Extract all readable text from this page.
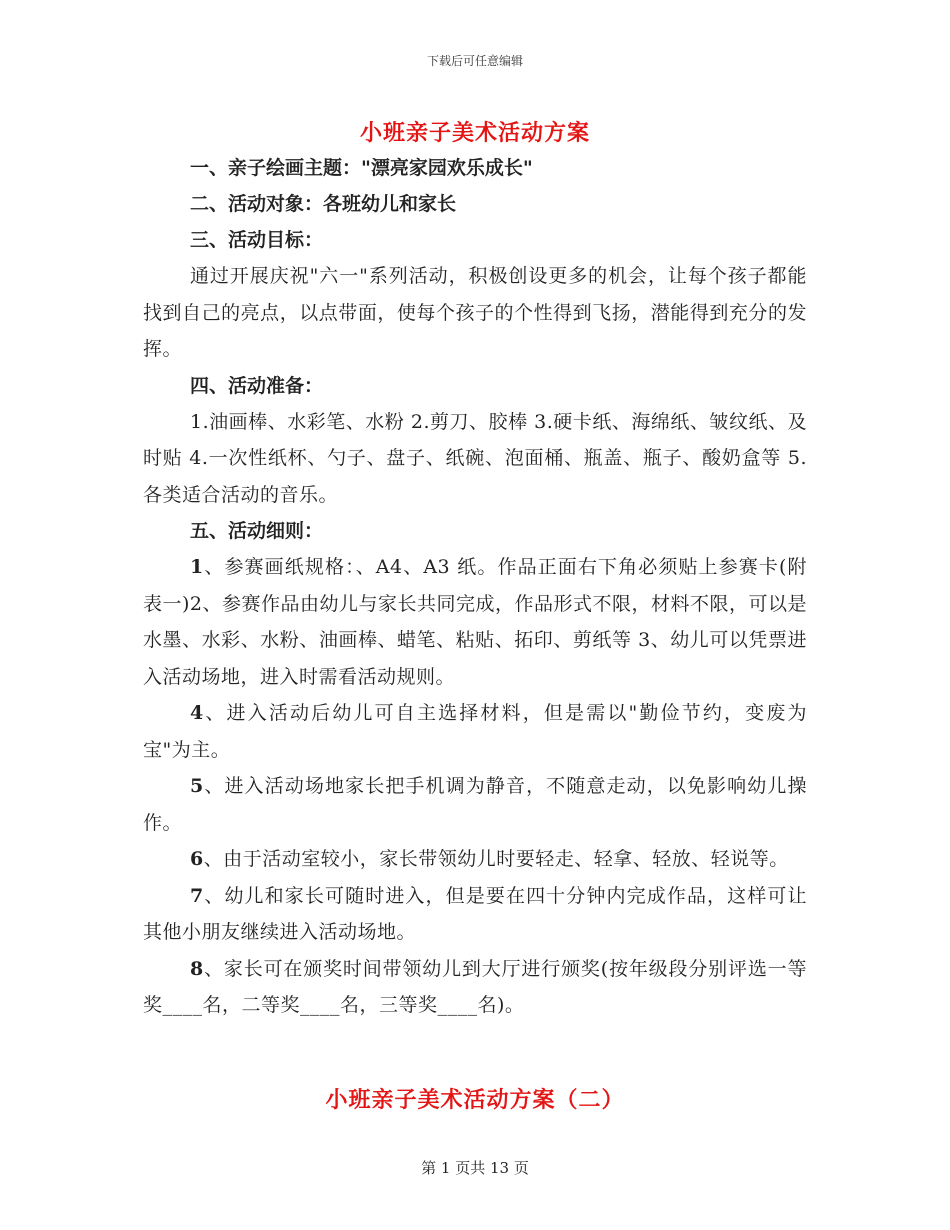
下载后可任意编辑
小班亲子美术活动方案

一、亲子绘画主题："漂亮家园欢乐成长"

二、活动对象：各班幼儿和家长

三、活动目标：

通过开展庆祝"六一"系列活动，积极创设更多的机会，让每个孩子都能找到自己的亮点，以点带面，使每个孩子的个性得到飞扬，潜能得到充分的发挥。

四、活动准备：

1.油画棒、水彩笔、水粉 2.剪刀、胶棒 3.硬卡纸、海绵纸、皱纹纸、及时贴 4.一次性纸杯、勺子、盘子、纸碗、泡面桶、瓶盖、瓶子、酸奶盒等 5.各类适合活动的音乐。

五、活动细则：

1、参赛画纸规格：、A4、A3 纸。作品正面右下角必须贴上参赛卡(附表一)2、参赛作品由幼儿与家长共同完成，作品形式不限，材料不限，可以是水墨、水彩、水粉、油画棒、蜡笔、粘贴、拓印、剪纸等 3、幼儿可以凭票进入活动场地，进入时需看活动规则。

4、进入活动后幼儿可自主选择材料，但是需以"勤俭节约，变废为宝"为主。

5、进入活动场地家长把手机调为静音，不随意走动，以免影响幼儿操作。

6、由于活动室较小，家长带领幼儿时要轻走、轻拿、轻放、轻说等。

7、幼儿和家长可随时进入，但是要在四十分钟内完成作品，这样可让其他小朋友继续进入活动场地。

8、家长可在颁奖时间带领幼儿到大厅进行颁奖(按年级段分别评选一等奖____名，二等奖____名，三等奖____名)。

小班亲子美术活动方案（二）
第 1 页共 13 页
